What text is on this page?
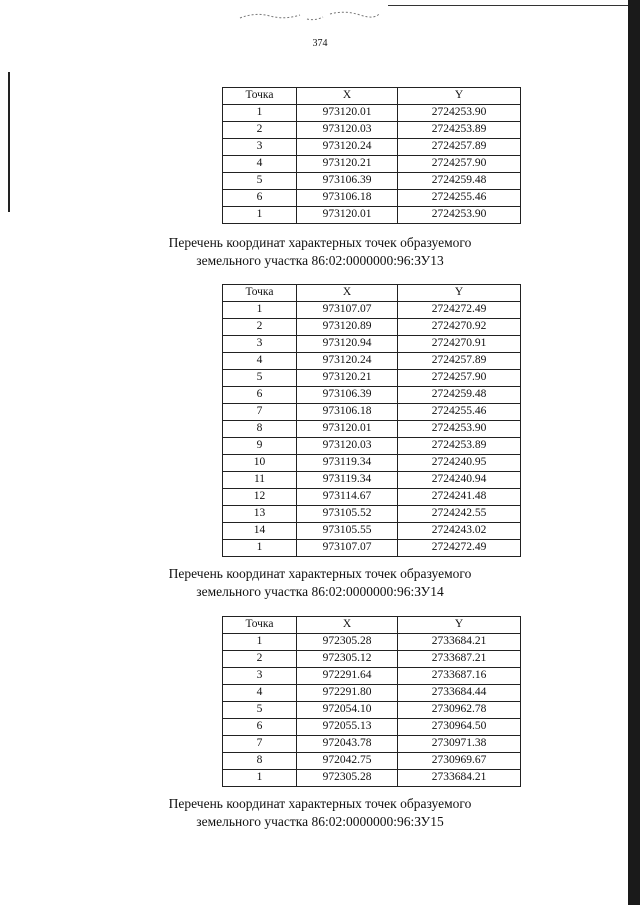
374
Точка	X	Y
1	973120.01	2724253.90
2	973120.03	2724253.89
3	973120.24	2724257.89
4	973120.21	2724257.90
5	973106.39	2724259.48
6	973106.18	2724255.46
1	973120.01	2724253.90
Перечень координат характерных точек образуемого
земельного участка 86:02:0000000:96:ЗУ13
Точка	X	Y
1	973107.07	2724272.49
2	973120.89	2724270.92
3	973120.94	2724270.91
4	973120.24	2724257.89
5	973120.21	2724257.90
6	973106.39	2724259.48
7	973106.18	2724255.46
8	973120.01	2724253.90
9	973120.03	2724253.89
10	973119.34	2724240.95
11	973119.34	2724240.94
12	973114.67	2724241.48
13	973105.52	2724242.55
14	973105.55	2724243.02
1	973107.07	2724272.49
Перечень координат характерных точек образуемого
земельного участка 86:02:0000000:96:ЗУ14
Точка	X	Y
1	972305.28	2733684.21
2	972305.12	2733687.21
3	972291.64	2733687.16
4	972291.80	2733684.44
5	972054.10	2730962.78
6	972055.13	2730964.50
7	972043.78	2730971.38
8	972042.75	2730969.67
1	972305.28	2733684.21
Перечень координат характерных точек образуемого
земельного участка 86:02:0000000:96:ЗУ15
